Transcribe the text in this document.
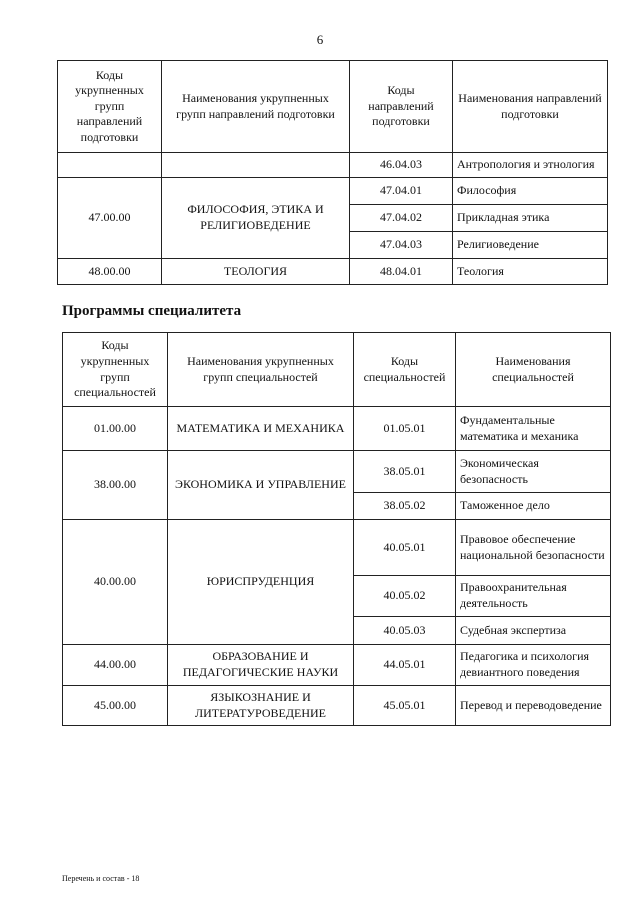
6
Коды укрупненных групп направлений подготовки	Наименования укрупненных групп направлений подготовки	Коды направлений подготовки	Наименования направлений подготовки
		46.04.03	Антропология и этнология
47.00.00	ФИЛОСОФИЯ, ЭТИКА И РЕЛИГИОВЕДЕНИЕ	47.04.01	Философия
		47.04.02	Прикладная этика
		47.04.03	Религиоведение
48.00.00	ТЕОЛОГИЯ	48.04.01	Теология
Программы специалитета
Коды укрупненных групп специальностей	Наименования укрупненных групп специальностей	Коды специальностей	Наименования специальностей
01.00.00	МАТЕМАТИКА И МЕХАНИКА	01.05.01	Фундаментальные математика и механика
38.00.00	ЭКОНОМИКА И УПРАВЛЕНИЕ	38.05.01	Экономическая безопасность
		38.05.02	Таможенное дело
40.00.00	ЮРИСПРУДЕНЦИЯ	40.05.01	Правовое обеспечение национальной безопасности
		40.05.02	Правоохранительная деятельность
		40.05.03	Судебная экспертиза
44.00.00	ОБРАЗОВАНИЕ И ПЕДАГОГИЧЕСКИЕ НАУКИ	44.05.01	Педагогика и психология девиантного поведения
45.00.00	ЯЗЫКОЗНАНИЕ И ЛИТЕРАТУРОВЕДЕНИЕ	45.05.01	Перевод и переводоведение
Перечень и состав - 18
